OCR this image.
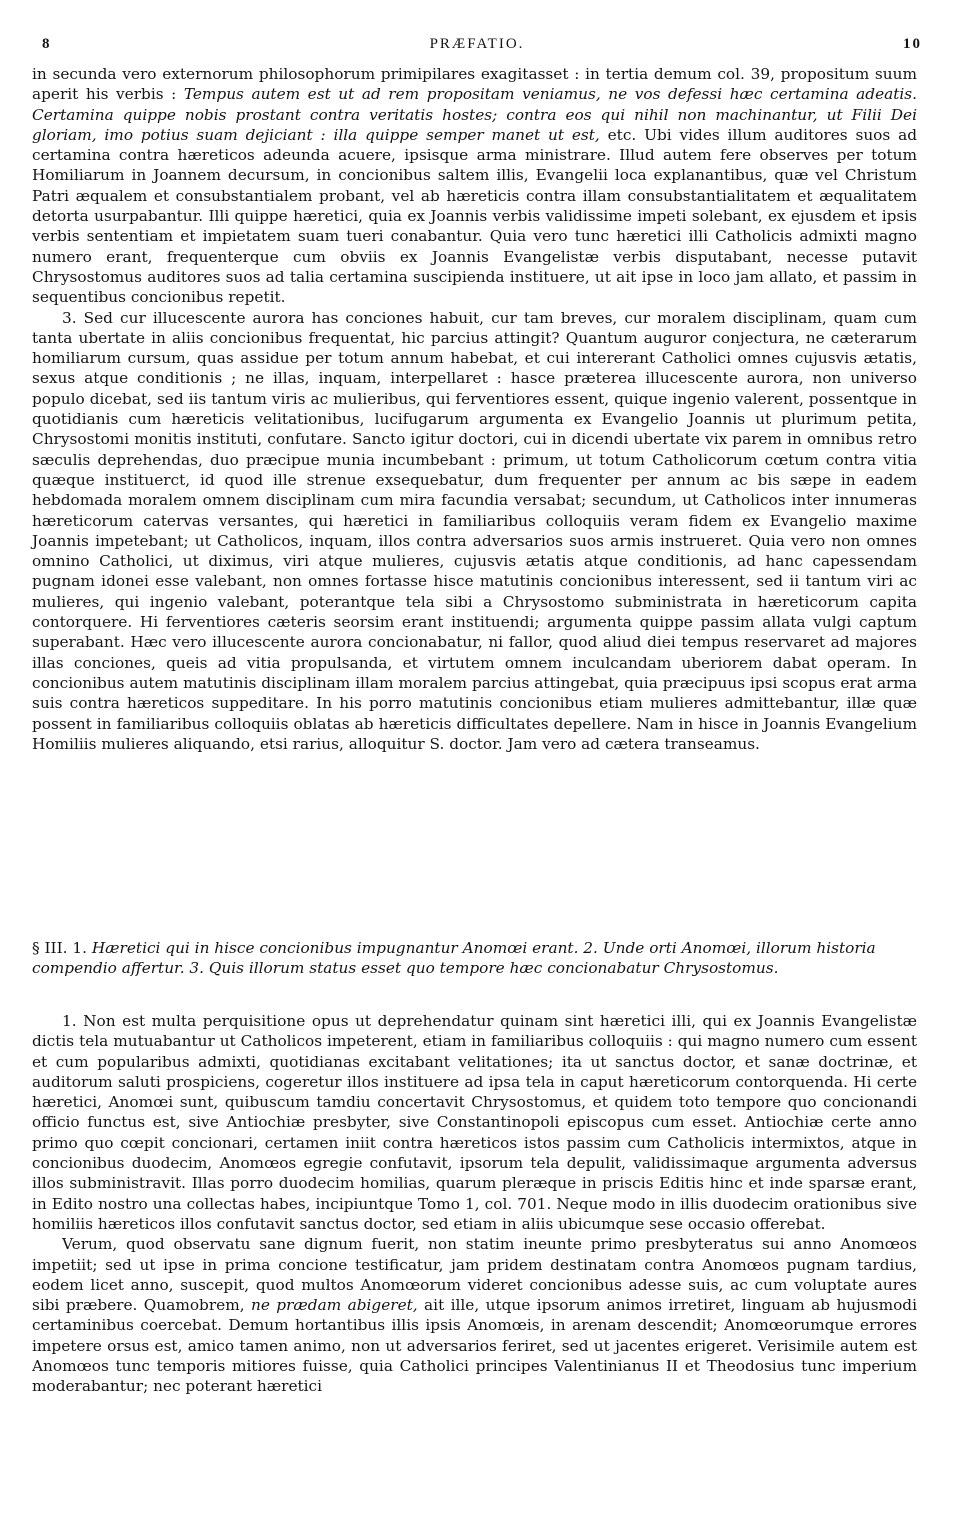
8	PRÆFATIO.	10

in secunda vero externorum philosophorum primipilares exagitasset : in tertia demum col. 39, propositum suum aperit his verbis : Tempus autem est ut ad rem propositam veniamus, ne vos defessi hæc certamina adeatis. Certamina quippe nobis prostant contra veritatis hostes; contra eos qui nihil non machinantur, ut Filii Dei gloriam, imo potius suam dejiciant : illa quippe semper manet ut est, etc. Ubi vides illum auditores suos ad certamina contra hæreticos adeunda acuere, ipsisque arma ministrare. Illud autem fere observes per totum Homiliarum in Joannem decursum, in concionibus saltem illis, Evangelii loca explanantibus, quæ vel Christum Patri æqualem et consubstantialem probant, vel ab hæreticis contra illam consubstantialitatem et æqualitatem detorta usurpabantur. Illi quippe hæretici, quia ex Joannis verbis validissime impeti solebant, ex ejusdem et ipsis verbis sententiam et impietatem suam tueri conabantur. Quia vero tunc hæretici illi Catholicis admixti magno numero erant, frequenterque cum obviis ex Joannis Evangelistæ verbis disputabant, necesse putavit Chrysostomus auditores suos ad talia certamina suscipienda instituere, ut ait ipse in loco jam allato, et passim in sequentibus concionibus repetit.

3. Sed cur illucescente aurora has conciones habuit, cur tam breves, cur moralem disciplinam, quam cum tanta ubertate in aliis concionibus frequentat, hic parcius attingit? Quantum auguror conjectura, ne cæterarum homiliarum cursum, quas assidue per totum annum habebat, et cui intererant Catholici omnes cujusvis ætatis, sexus atque conditionis ; ne illas, inquam, interpellaret : hasce præterea illucescente aurora, non universo populo dicebat, sed iis tantum viris ac mulieribus, qui ferventiores essent, quique ingenio valerent, possentque in quotidianis cum hæreticis velitationibus, lucifugarum argumenta ex Evangelio Joannis ut plurimum petita, Chrysostomi monitis instituti, confutare. Sancto igitur doctori, cui in dicendi ubertate vix parem in omnibus retro sæculis deprehendas, duo præcipue munia incumbebant : primum, ut totum Catholicorum cœtum contra vitia quæque instituerct, id quod ille strenue exsequebatur, dum frequenter per annum ac bis sæpe in eadem hebdomada moralem omnem disciplinam cum mira facundia versabat; secundum, ut Catholicos inter innumeras hæreticorum catervas versantes, qui hæretici in familiaribus colloquiis veram fidem ex Evangelio maxime Joannis impetebant; ut Catholicos, inquam, illos contra adversarios suos armis instrueret. Quia vero non omnes omnino Catholici, ut diximus, viri atque mulieres, cujusvis ætatis atque conditionis, ad hanc capessendam pugnam idonei esse valebant, non omnes fortasse hisce matutinis concionibus interessent, sed ii tantum viri ac mulieres, qui ingenio valebant, poterantque tela sibi a Chrysostomo subministrata in hæreticorum capita contorquere. Hi ferventiores cæteris seorsim erant instituendi; argumenta quippe passim allata vulgi captum superabant. Hæc vero illucescente aurora concionabatur, ni fallor, quod aliud diei tempus reservaret ad majores illas conciones, queis ad vitia propulsanda, et virtutem omnem inculcandam uberiorem dabat operam. In concionibus autem matutinis disciplinam illam moralem parcius attingebat, quia præcipuus ipsi scopus erat arma suis contra hæreticos suppeditare. In his porro matutinis concionibus etiam mulieres admittebantur, illæ quæ possent in familiaribus colloquiis oblatas ab hæreticis difficultates depellere. Nam in hisce in Joannis Evangelium Homiliis mulieres aliquando, etsi rarius, alloquitur S. doctor. Jam vero ad cætera transeamus.

§ III. 1. Hæretici qui in hisce concionibus impugnantur Anomœi erant. 2. Unde orti Anomœi, illorum historia compendio affertur. 3. Quis illorum status esset quo tempore hæc concionabatur Chrysostomus.

1. Non est multa perquisitione opus ut deprehendatur quinam sint hæretici illi, qui ex Joannis Evangelistæ dictis tela mutuabantur ut Catholicos impeterent, etiam in familiaribus colloquiis : qui magno numero cum essent et cum popularibus admixti, quotidianas excitabant velitationes; ita ut sanctus doctor, et sanæ doctrinæ, et auditorum saluti prospiciens, cogeretur illos instituere ad ipsa tela in caput hæreticorum contorquenda. Hi certe hæretici, Anomœi sunt, quibuscum tamdiu concertavit Chrysostomus, et quidem toto tempore quo concionandi officio functus est, sive Antiochiæ presbyter, sive Constantinopoli episcopus cum esset. Antiochiæ certe anno primo quo cœpit concionari, certamen iniit contra hæreticos istos passim cum Catholicis intermixtos, atque in concionibus duodecim, Anomœos egregie confutavit, ipsorum tela depulit, validissimaque argumenta adversus illos subministravit. Illas porro duodecim homilias, quarum pleræque in priscis Editis hinc et inde sparsæ erant, in Edito nostro una collectas habes, incipiuntque Tomo 1, col. 701. Neque modo in illis duodecim orationibus sive homiliis hæreticos illos confutavit sanctus doctor, sed etiam in aliis ubicumque sese occasio offerebat.

Verum, quod observatu sane dignum fuerit, non statim ineunte primo presbyteratus sui anno Anomœos impetiit; sed ut ipse in prima concione testificatur, jam pridem destinatam contra Anomœos pugnam tardius, eodem licet anno, suscepit, quod multos Anomœorum videret concionibus adesse suis, ac cum voluptate aures sibi præbere. Quamobrem, ne prædam abigeret, ait ille, utque ipsorum animos irretiret, linguam ab hujusmodi certaminibus coercebat. Demum hortantibus illis ipsis Anomœis, in arenam descendit; Anomœorumque errores impetere orsus est, amico tamen animo, non ut adversarios feriret, sed ut jacentes erigeret. Verisimile autem est Anomœos tunc temporis mitiores fuisse, quia Catholici principes Valentinianus II et Theodosius tunc imperium moderabantur; nec poterant hæretici
